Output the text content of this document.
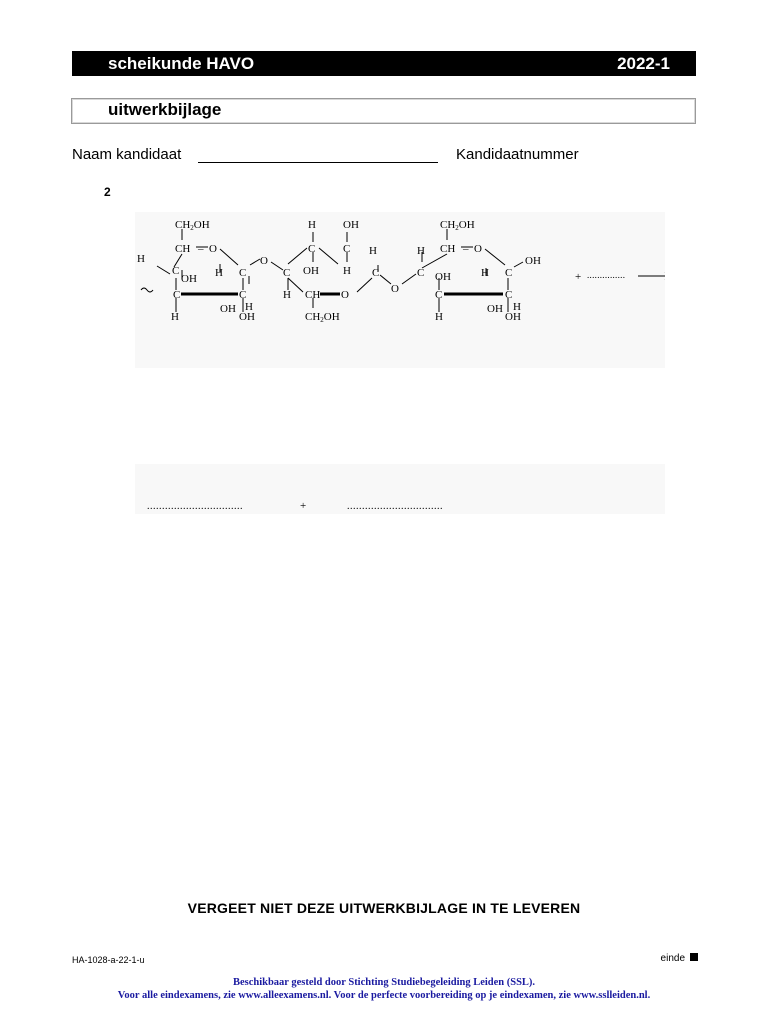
scheikunde HAVO	2022-1
uitwerkbijlage
Naam kandidaat	Kandidaatnummer
2
CH2OH
CH – O
H
C
OH H C
C	C
H	OH
OH H
O
H OH
C	C
C OH H
H
C
H CH O
CH2OH
O
CH2OH
CH – O
H
C OH	H C
OH
C	C
H	OH
OH H
+ ...............
................................	+	................................
VERGEET NIET DEZE UITWERKBIJLAGE IN TE LEVEREN
HA-1028-a-22-1-u	einde
Beschikbaar gesteld door Stichting Studiebegeleiding Leiden (SSL).
Voor alle eindexamens, zie www.alleexamens.nl. Voor de perfecte voorbereiding op je eindexamen, zie www.sslleiden.nl.
